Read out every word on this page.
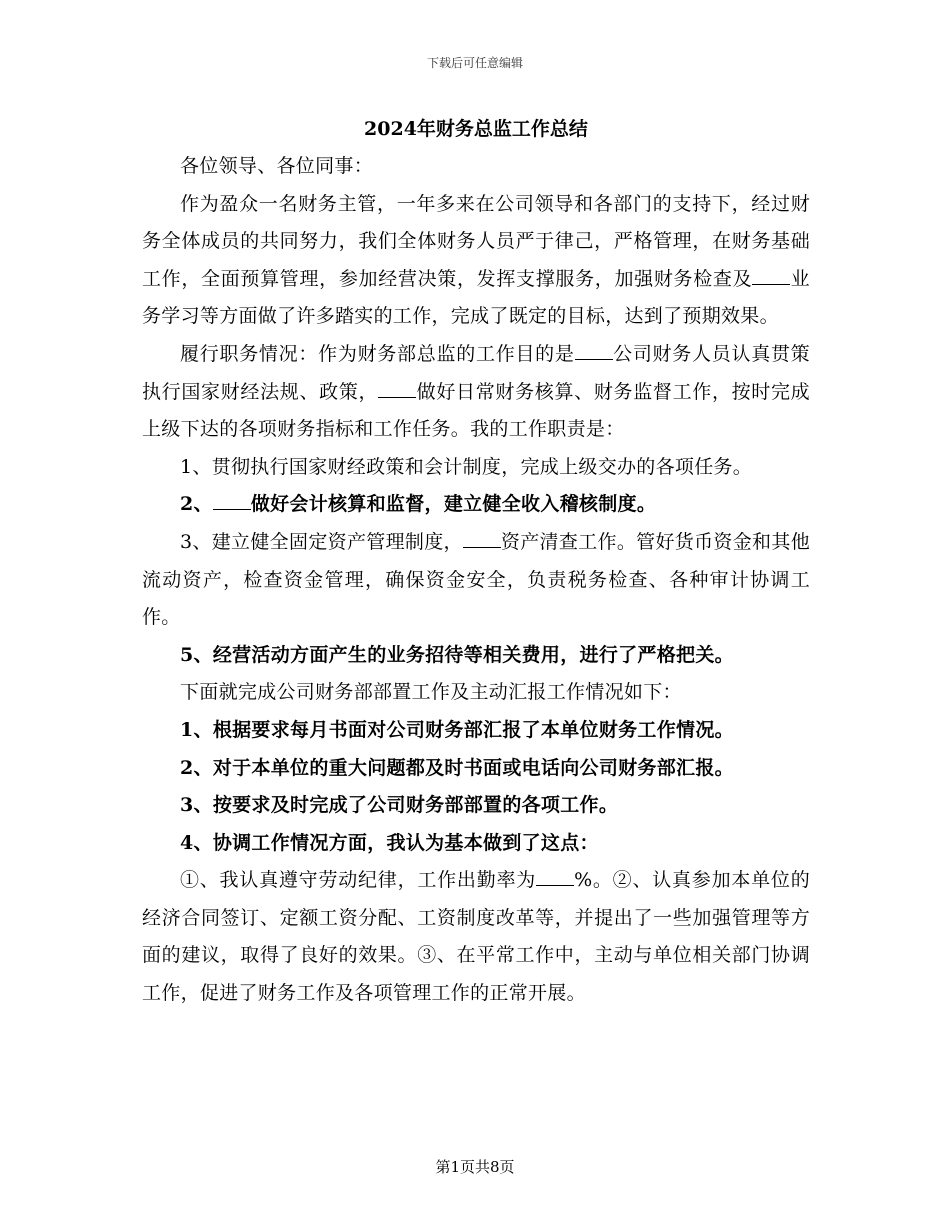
下载后可任意编辑

2024年财务总监工作总结

各位领导、各位同事：

作为盈众一名财务主管，一年多来在公司领导和各部门的支持下，经过财务全体成员的共同努力，我们全体财务人员严于律己，严格管理，在财务基础工作，全面预算管理，参加经营决策，发挥支撑服务，加强财务检查及 业务学习等方面做了许多踏实的工作，完成了既定的目标，达到了预期效果。

履行职务情况：作为财务部总监的工作目的是 公司财务人员认真贯策执行国家财经法规、政策， 做好日常财务核算、财务监督工作，按时完成上级下达的各项财务指标和工作任务。我的工作职责是：

1、贯彻执行国家财经政策和会计制度，完成上级交办的各项任务。

2、 做好会计核算和监督，建立健全收入稽核制度。

3、建立健全固定资产管理制度， 资产清查工作。管好货币资金和其他流动资产，检查资金管理，确保资金安全，负责税务检查、各种审计协调工作。

5、经营活动方面产生的业务招待等相关费用，进行了严格把关。

下面就完成公司财务部部置工作及主动汇报工作情况如下：

1、根据要求每月书面对公司财务部汇报了本单位财务工作情况。

2、对于本单位的重大问题都及时书面或电话向公司财务部汇报。

3、按要求及时完成了公司财务部部置的各项工作。

4、协调工作情况方面，我认为基本做到了这点：

①、我认真遵守劳动纪律，工作出勤率为 %。②、认真参加本单位的经济合同签订、定额工资分配、工资制度改革等，并提出了一些加强管理等方面的建议，取得了良好的效果。③、在平常工作中，主动与单位相关部门协调工作，促进了财务工作及各项管理工作的正常开展。

第1页共8页
